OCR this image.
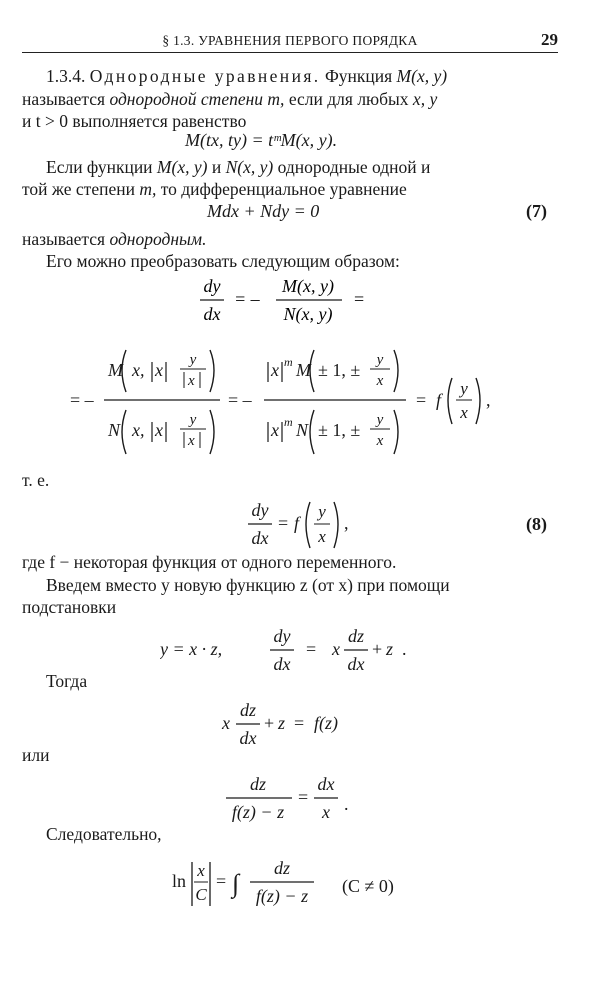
§ 1.3. УРАВНЕНИЯ ПЕРВОГО ПОРЯДКА	29
1.3.4. Однородные уравнения. Функция M(x, y)
называется однородной степени m, если для любых x, y
и t > 0 выполняется равенство
M(tx, ty) = tᵐM(x, y).
Если функции M(x, y) и N(x, y) однородные одной и
той же степени m, то дифференциальное уравнение
Mdx + Ndy = 0	(7)
называется однородным.
Его можно преобразовать следующим образом:
dy
dx
= –
M(x, y)
N(x, y)
=
= –
M x, x y
x
N x, x y
x
= –
x m M ± 1, ± y
x
x m N ± 1, ± y
x
= f
y
x
,
т. е.
dy
dx
= f
y
x
,	(8)
где f − некоторая функция от одного переменного.
Введем вместо y новую функцию z (от x) при помощи
подстановки
y = x · z,
dy
dx
= x
dz
dx
+ z .
Тогда
x
dz
dx
+ z = f(z)
или
dz
f(z) − z
=
dx
x .
Следовательно,
ln
x
C
= ∫
dz
f(z) − z (C ≠ 0)
